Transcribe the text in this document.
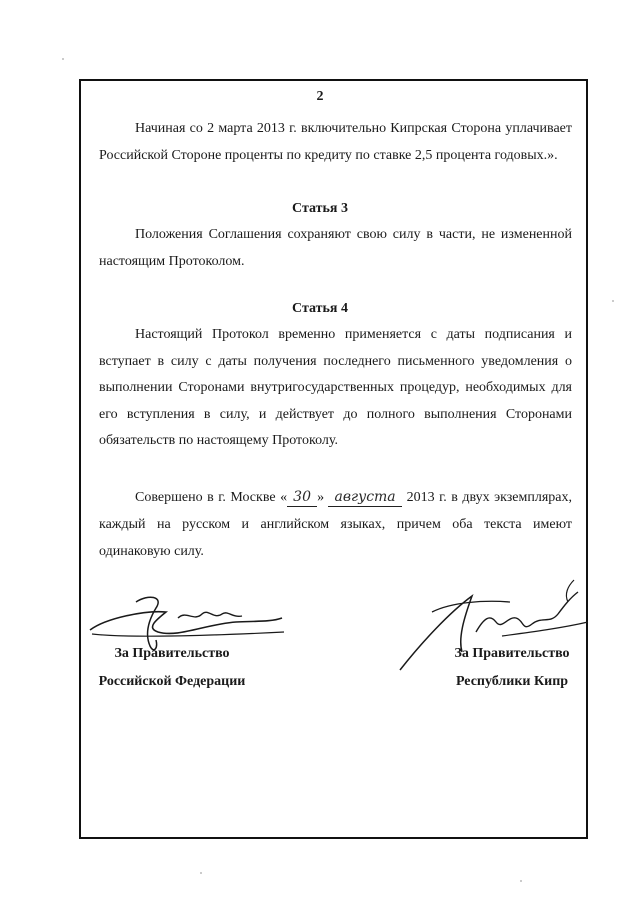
2
Начиная со 2 марта 2013 г. включительно Кипрская Сторона уплачивает Российской Стороне проценты по кредиту по ставке 2,5 процента годовых.».
Статья 3
Положения Соглашения сохраняют свою силу в части, не измененной настоящим Протоколом.
Статья 4
Настоящий Протокол временно применяется с даты подписания и вступает в силу с даты получения последнего письменного уведомления о выполнении Сторонами внутригосударственных процедур, необходимых для его вступления в силу, и действует до полного выполнения Сторонами обязательств по настоящему Протоколу.
Совершено в г. Москве « 30 » августа 2013 г. в двух экземплярах, каждый на русском и английском языках, причем оба текста имеют одинаковую силу.
За Правительство
Российской Федерации
За Правительство
Республики Кипр
